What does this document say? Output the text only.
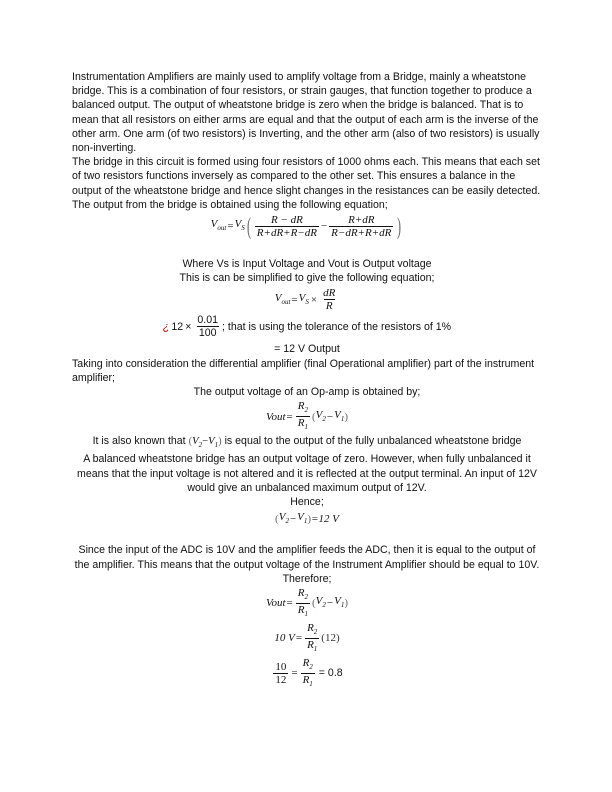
Instrumentation Amplifiers are mainly used to amplify voltage from a Bridge, mainly a wheatstone bridge. This is a combination of four resistors, or strain gauges, that function together to produce a balanced output. The output of wheatstone bridge is zero when the bridge is balanced. That is to mean that all resistors on either arms are equal and that the output of each arm is the inverse of the other arm. One arm (of two resistors) is Inverting, and the other arm (also of two resistors) is usually non-inverting.

The bridge in this circuit is formed using four resistors of 1000 ohms each. This means that each set of two resistors functions inversely as compared to the other set. This ensures a balance in the output of the wheatstone bridge and hence slight changes in the resistances can be easily detected. The output from the bridge is obtained using the following equation;

$V_{out} = V_S$ ( $\frac{R - dR}{R+dR+R-dR} - \frac{R+dR}{R-dR+R+dR}$ )

Where Vs is Input Voltage and Vout is Output voltage

This is can be simplified to give the following equation;

$V_{out} = V_S \times \frac{dR}{R}$
¿ $12 \times \frac{0.01}{100}$ ; that is using the tolerance of the resistors of 1%

= 12 V Output

Taking into consideration the differential amplifier (final Operational amplifier) part of the instrument amplifier;

The output voltage of an Op-amp is obtained by;

Vout = $\frac{R_2}{R_1}$ ( $V_2 - V_1$ )

It is also known that $(V_2-V_1)$ is equal to the output of the fully unbalanced wheatstone bridge

A balanced wheatstone bridge has an output voltage of zero. However, when fully unbalanced it means that the input voltage is not altered and it is reflected at the output terminal. An input of 12V would give an unbalanced maximum output of 12V.

Hence;

( $V_2 - V_1$ ) =12 V

Since the input of the ADC is 10V and the amplifier feeds the ADC, then it is equal to the output of the amplifier. This means that the output voltage of the Instrument Amplifier should be equal to 10V. Therefore;

Vout = $\frac{R_2}{R_1}$ ( $V_2 - V_1$ )
10 $V = \frac{R_2}{R_1} (12)$
$\frac{10}{12} = \frac{R_2}{R_1} = 0.8$
